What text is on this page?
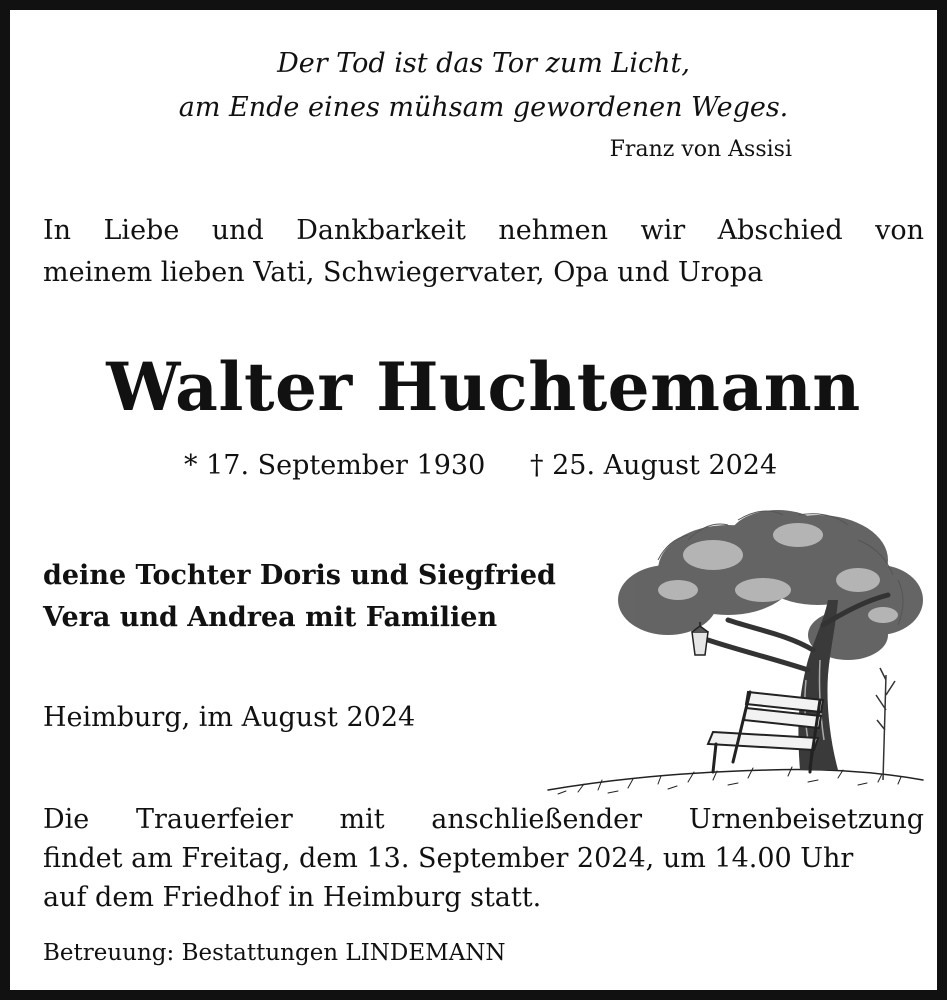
Der Tod ist das Tor zum Licht,
am Ende eines mühsam gewordenen Weges.
Franz von Assisi
In Liebe und Dankbarkeit nehmen wir Abschied von
meinem lieben Vati, Schwiegervater, Opa und Uropa
Walter Huchtemann
* 17. September 1930 † 25. August 2024
deine Tochter Doris und Siegfried
Vera und Andrea mit Familien
Heimburg, im August 2024
Die Trauerfeier mit anschließender Urnenbeisetzung
findet am Freitag, dem 13. September 2024, um 14.00 Uhr
auf dem Friedhof in Heimburg statt.
Betreuung: Bestattungen LINDEMANN
